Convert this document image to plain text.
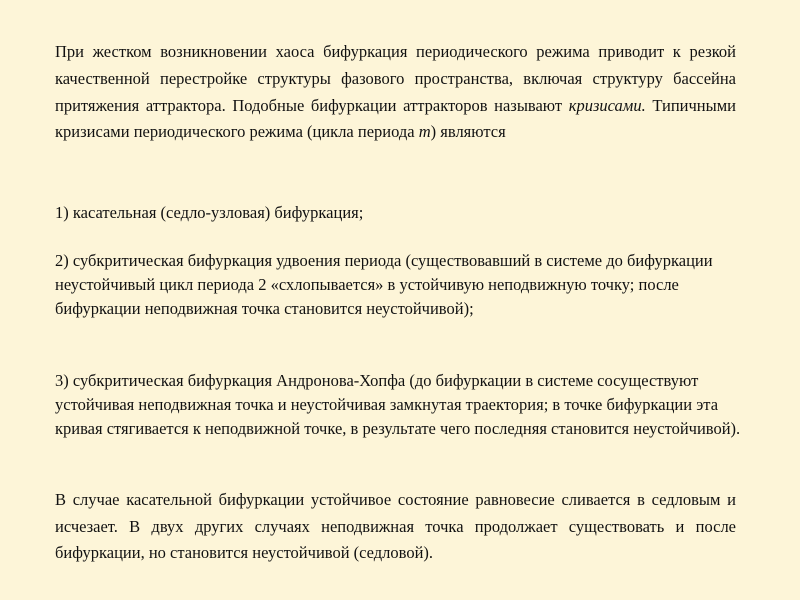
При жестком возникновении хаоса бифуркация периодического режима приводит к резкой качественной перестройке структуры фазового пространства, включая структуру бассейна притяжения аттрактора. Подобные бифуркации аттракторов называют кризисами. Типичными кризисами периодического режима (цикла периода m) являются

1) касательная (седло-узловая) бифуркация;

2) субкритическая бифуркация удвоения периода (существовавший в системе до бифуркации неустойчивый цикл периода 2 «схлопывается» в устойчивую неподвижную точку; после бифуркации неподвижная точка становится неустойчивой);

3) субкритическая бифуркация Андронова-Хопфа (до бифуркации в системе сосуществуют устойчивая неподвижная точка и неустойчивая замкнутая траектория; в точке бифуркации эта кривая стягивается к неподвижной точке, в результате чего последняя становится неустойчивой).

В случае касательной бифуркации устойчивое состояние равновесие сливается в седловым и исчезает. В двух других случаях неподвижная точка продолжает существовать и после бифуркации, но становится неустойчивой (седловой).
